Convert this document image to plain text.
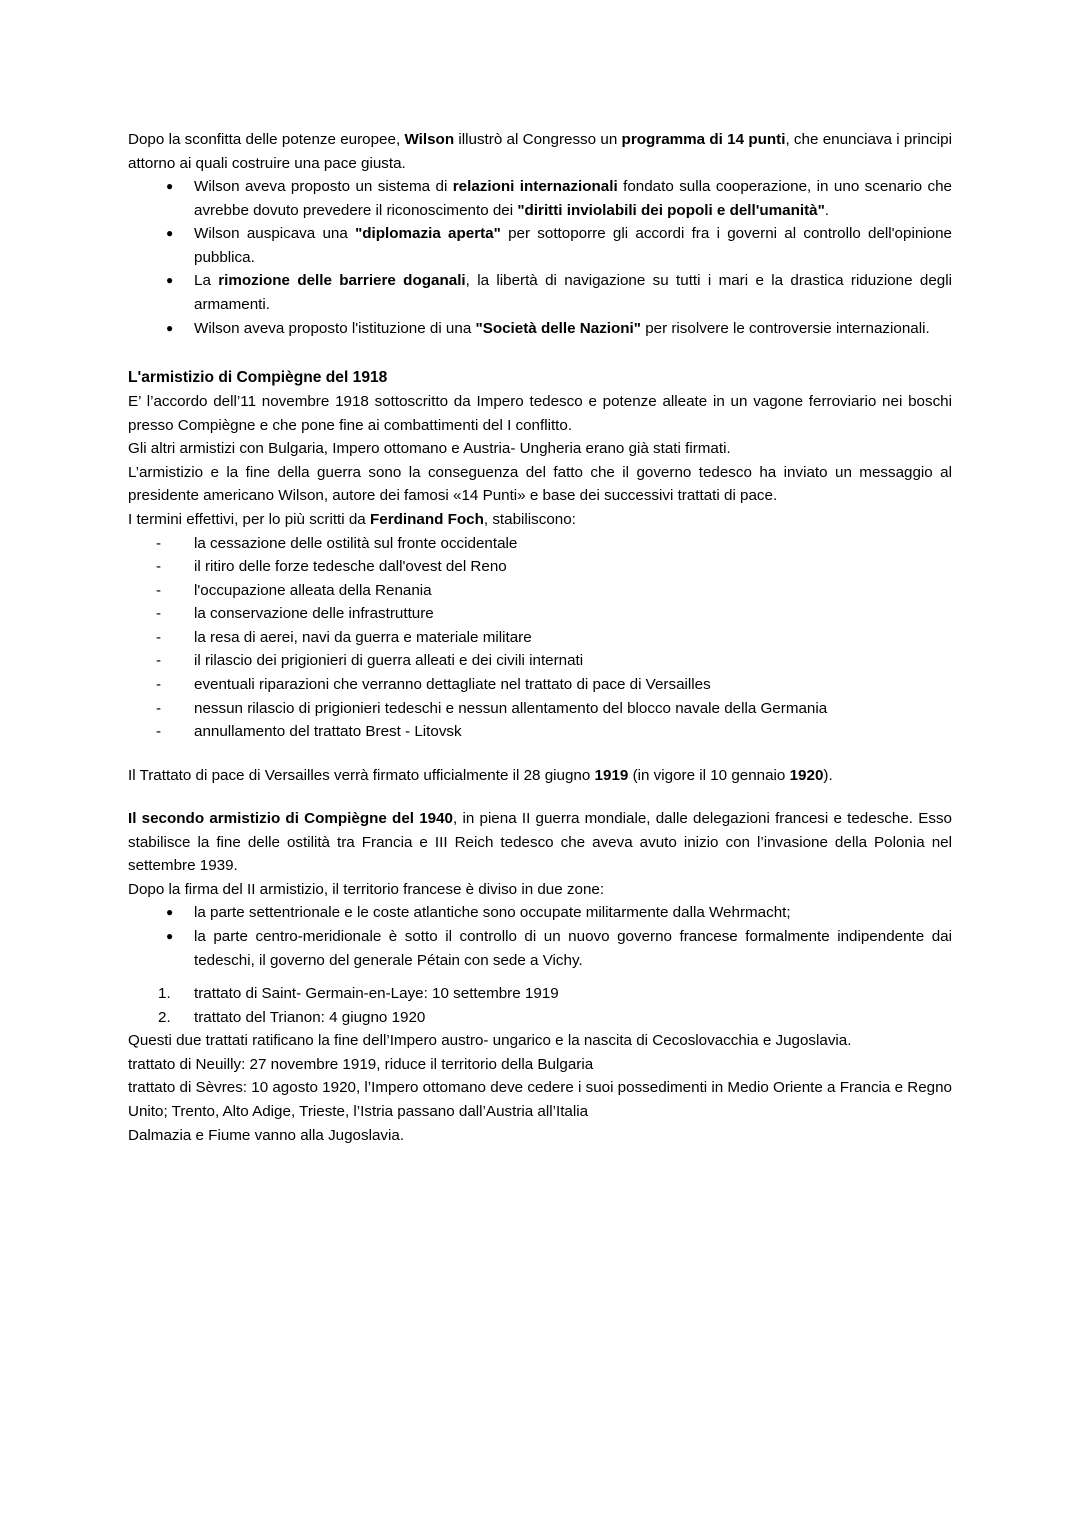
Dopo la sconfitta delle potenze europee, Wilson illustrò al Congresso un programma di 14 punti, che enunciava i principi attorno ai quali costruire una pace giusta.

● Wilson aveva proposto un sistema di relazioni internazionali fondato sulla cooperazione, in uno scenario che avrebbe dovuto prevedere il riconoscimento dei "diritti inviolabili dei popoli e dell'umanità".
● Wilson auspicava una "diplomazia aperta" per sottoporre gli accordi fra i governi al controllo dell'opinione pubblica.
● La rimozione delle barriere doganali, la libertà di navigazione su tutti i mari e la drastica riduzione degli armamenti.
● Wilson aveva proposto l'istituzione di una "Società delle Nazioni" per risolvere le controversie internazionali.
L'armistizio di Compiègne del 1918

E’ l’accordo dell’11 novembre 1918 sottoscritto da Impero tedesco e potenze alleate in un vagone ferroviario nei boschi presso Compiègne e che pone fine ai combattimenti del I conflitto.

Gli altri armistizi con Bulgaria, Impero ottomano e Austria- Ungheria erano già stati firmati.

L’armistizio e la fine della guerra sono la conseguenza del fatto che il governo tedesco ha inviato un messaggio al presidente americano Wilson, autore dei famosi «14 Punti» e base dei successivi trattati di pace.

I termini effettivi, per lo più scritti da Ferdinand Foch, stabiliscono:

- la cessazione delle ostilità sul fronte occidentale
- il ritiro delle forze tedesche dall'ovest del Reno
- l'occupazione alleata della Renania
- la conservazione delle infrastrutture
- la resa di aerei, navi da guerra e materiale militare
- il rilascio dei prigionieri di guerra alleati e dei civili internati
- eventuali riparazioni che verranno dettagliate nel trattato di pace di Versailles
- nessun rilascio di prigionieri tedeschi e nessun allentamento del blocco navale della Germania
- annullamento del trattato Brest - Litovsk

Il Trattato di pace di Versailles verrà firmato ufficialmente il 28 giugno 1919 (in vigore il 10 gennaio 1920).

Il secondo armistizio di Compiègne del 1940, in piena II guerra mondiale, dalle delegazioni francesi e tedesche. Esso stabilisce la fine delle ostilità tra Francia e III Reich tedesco che aveva avuto inizio con l’invasione della Polonia nel settembre 1939.

Dopo la firma del II armistizio, il territorio francese è diviso in due zone:

● la parte settentrionale e le coste atlantiche sono occupate militarmente dalla Wehrmacht;
● la parte centro-meridionale è sotto il controllo di un nuovo governo francese formalmente indipendente dai tedeschi, il governo del generale Pétain con sede a Vichy.
trattato di Saint- Germain-en-Laye: 10 settembre 1919
trattato del Trianon: 4 giugno 1920

Questi due trattati ratificano la fine dell’Impero austro- ungarico e la nascita di Cecoslovacchia e Jugoslavia.

trattato di Neuilly: 27 novembre 1919, riduce il territorio della Bulgaria

trattato di Sèvres: 10 agosto 1920, l’Impero ottomano deve cedere i suoi possedimenti in Medio Oriente a Francia e Regno Unito; Trento, Alto Adige, Trieste, l’Istria passano dall’Austria all’Italia

Dalmazia e Fiume vanno alla Jugoslavia.
